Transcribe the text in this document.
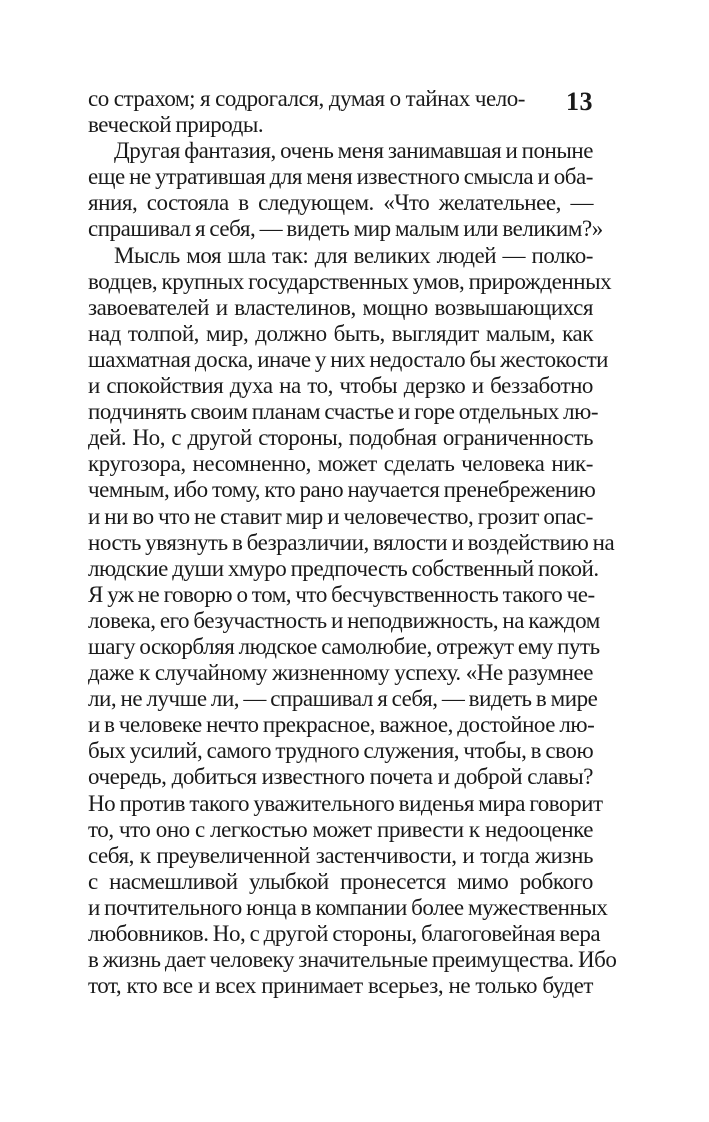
13
со страхом; я содрогался, думая о тайнах чело-
веческой природы.
Другая фантазия, очень меня занимавшая и поныне
еще не утратившая для меня известного смысла и оба-
яния, состояла в следующем. «Что желательнее, —
спрашивал я себя, — видеть мир малым или великим?»
Мысль моя шла так: для великих людей — полко-
водцев, крупных государственных умов, прирожденных
завоевателей и властелинов, мощно возвышающихся
над толпой, мир, должно быть, выглядит малым, как
шахматная доска, иначе у них недостало бы жестокости
и спокойствия духа на то, чтобы дерзко и беззаботно
подчинять своим планам счастье и горе отдельных лю-
дей. Но, с другой стороны, подобная ограниченность
кругозора, несомненно, может сделать человека ник-
чемным, ибо тому, кто рано научается пренебрежению
и ни во что не ставит мир и человечество, грозит опас-
ность увязнуть в безразличии, вялости и воздействию на
людские души хмуро предпочесть собственный покой.
Я уж не говорю о том, что бесчувственность такого че-
ловека, его безучастность и неподвижность, на каждом
шагу оскорбляя людское самолюбие, отрежут ему путь
даже к случайному жизненному успеху. «Не разумнее
ли, не лучше ли, — спрашивал я себя, — видеть в мире
и в человеке нечто прекрасное, важное, достойное лю-
бых усилий, самого трудного служения, чтобы, в свою
очередь, добиться известного почета и доброй славы?
Но против такого уважительного виденья мира говорит
то, что оно с легкостью может привести к недооценке
себя, к преувеличенной застенчивости, и тогда жизнь
с насмешливой улыбкой пронесется мимо робкого
и почтительного юнца в компании более мужественных
любовников. Но, с другой стороны, благоговейная вера
в жизнь дает человеку значительные преимущества. Ибо
тот, кто все и всех принимает всерьез, не только будет
